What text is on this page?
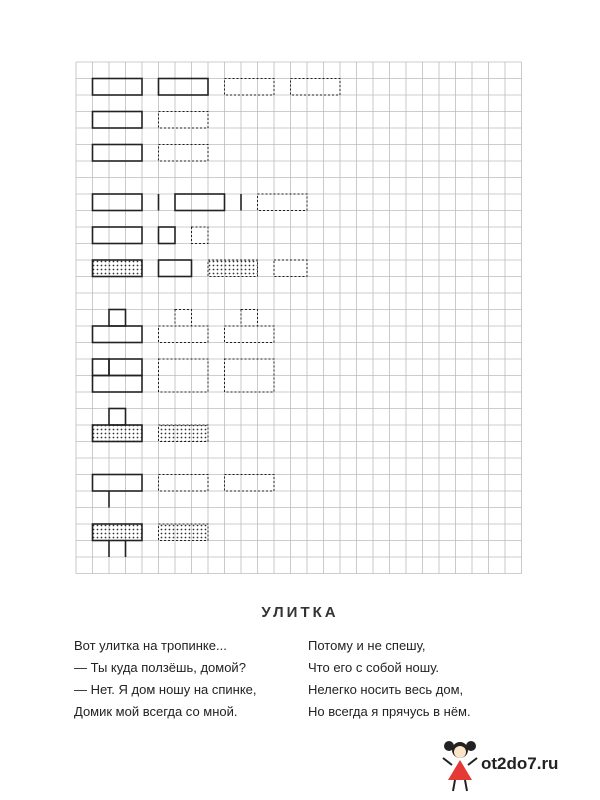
УЛИТКА
Вот улитка на тропинке...
— Ты куда ползёшь, домой?
— Нет. Я дом ношу на спинке,
Домик мой всегда со мной.
Потому и не спешу,
Что его с собой ношу.
Нелегко носить весь дом,
Но всегда я прячусь в нём.
ot2do7.ru
